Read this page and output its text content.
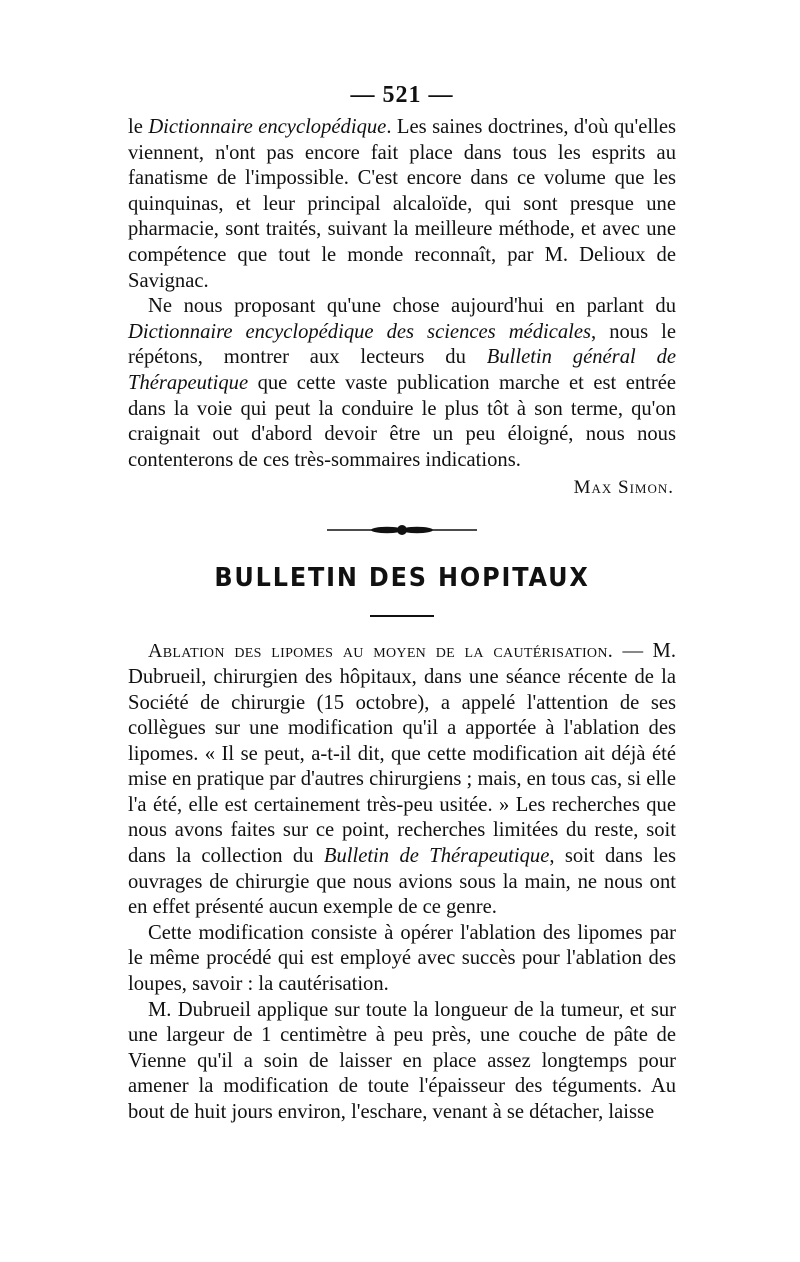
— 521 —

le Dictionnaire encyclopédique. Les saines doctrines, d'où qu'elles viennent, n'ont pas encore fait place dans tous les esprits au fanatisme de l'impossible. C'est encore dans ce volume que les quinquinas, et leur principal alcaloïde, qui sont presque une pharmacie, sont traités, suivant la meilleure méthode, et avec une compétence que tout le monde reconnaît, par M. Delioux de Savignac.

Ne nous proposant qu'une chose aujourd'hui en parlant du Dictionnaire encyclopédique des sciences médicales, nous le répétons, montrer aux lecteurs du Bulletin général de Thérapeutique que cette vaste publication marche et est entrée dans la voie qui peut la conduire le plus tôt à son terme, qu'on craignait out d'abord devoir être un peu éloigné, nous nous contenterons de ces très-sommaires indications.

Max Simon.
BULLETIN DES HOPITAUX

Ablation des lipomes au moyen de la cautérisation. — M. Dubrueil, chirurgien des hôpitaux, dans une séance récente de la Société de chirurgie (15 octobre), a appelé l'attention de ses collègues sur une modification qu'il a apportée à l'ablation des lipomes. « Il se peut, a-t-il dit, que cette modification ait déjà été mise en pratique par d'autres chirurgiens ; mais, en tous cas, si elle l'a été, elle est certainement très-peu usitée. » Les recherches que nous avons faites sur ce point, recherches limitées du reste, soit dans la collection du Bulletin de Thérapeutique, soit dans les ouvrages de chirurgie que nous avions sous la main, ne nous ont en effet présenté aucun exemple de ce genre.

Cette modification consiste à opérer l'ablation des lipomes par le même procédé qui est employé avec succès pour l'ablation des loupes, savoir : la cautérisation.

M. Dubrueil applique sur toute la longueur de la tumeur, et sur une largeur de 1 centimètre à peu près, une couche de pâte de Vienne qu'il a soin de laisser en place assez longtemps pour amener la modification de toute l'épaisseur des téguments. Au bout de huit jours environ, l'eschare, venant à se détacher, laisse
